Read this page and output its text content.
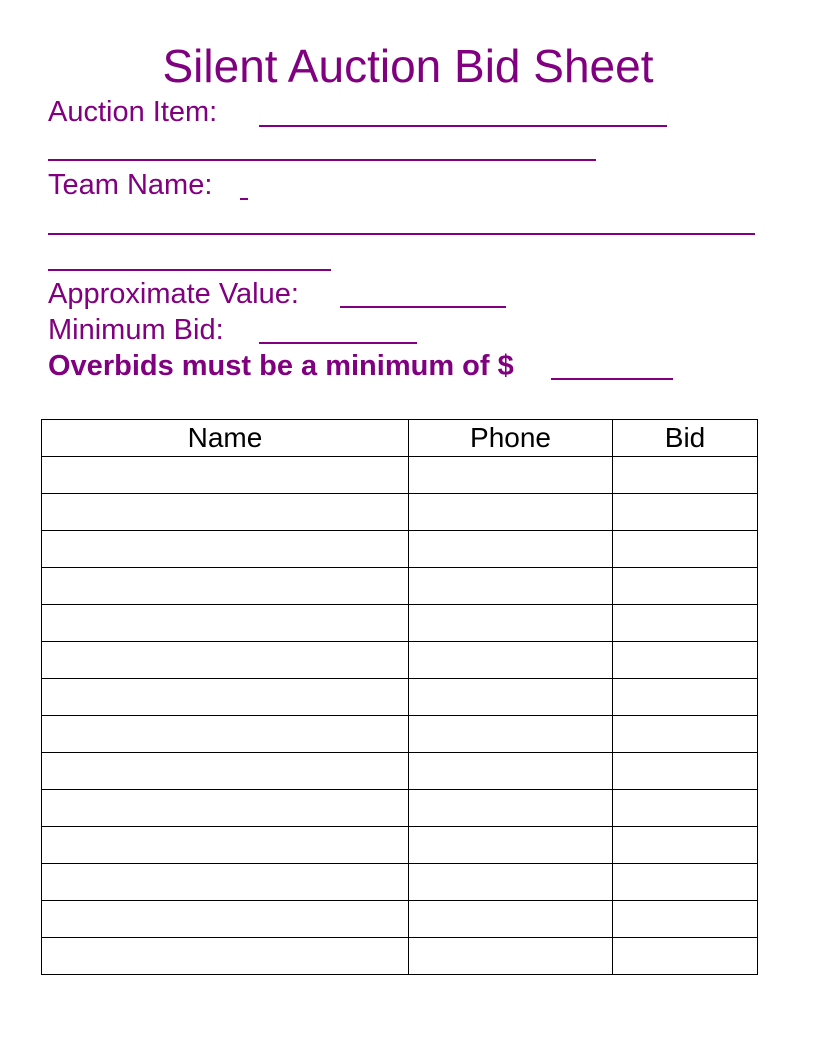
Silent Auction Bid Sheet
Auction Item:
Team Name:
Approximate Value:
Minimum Bid:
Overbids must be a minimum of $
Name	Phone	Bid
